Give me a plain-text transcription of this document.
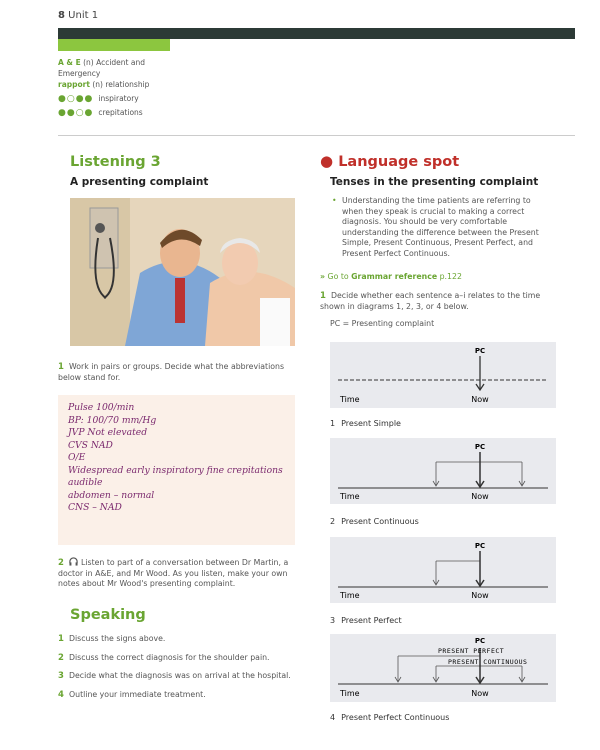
8 Unit 1
A & E (n) Accident and Emergency
rapport (n) relationship
●○●● inspiratory
●●○● crepitations
Listening 3
A presenting complaint
1 Work in pairs or groups. Decide what the abbreviations below stand for.
Pulse 100/min
BP: 100/70 mm/Hg
JVP Not elevated
CVS NAD
O/E
Widespread early inspiratory fine crepitations
audible
abdomen – normal
CNS – NAD
2 Listen to part of a conversation between Dr Martin, a doctor in A&E, and Mr Wood. As you listen, make your own notes about Mr Wood's presenting complaint.
Speaking
1 Discuss the signs above.
2 Discuss the correct diagnosis for the shoulder pain.
3 Decide what the diagnosis was on arrival at the hospital.
4 Outline your immediate treatment.
● Language spot
Tenses in the presenting complaint
• Understanding the time patients are referring to when they speak is crucial to making a correct diagnosis. You should be very comfortable understanding the difference between the Present Simple, Present Continuous, Present Perfect, and Present Perfect Continuous.
» Go to Grammar reference p.122
1 Decide whether each sentence a–i relates to the time shown in diagrams 1, 2, 3, or 4 below.
PC = Presenting complaint
PC
Time	Now
1 Present Simple
PC
Time	Now
2 Present Continuous
PC
Time	Now
3 Present Perfect
PC
PRESENT PERFECT
PRESENT CONTINUOUS
Time	Now
4 Present Perfect Continuous
